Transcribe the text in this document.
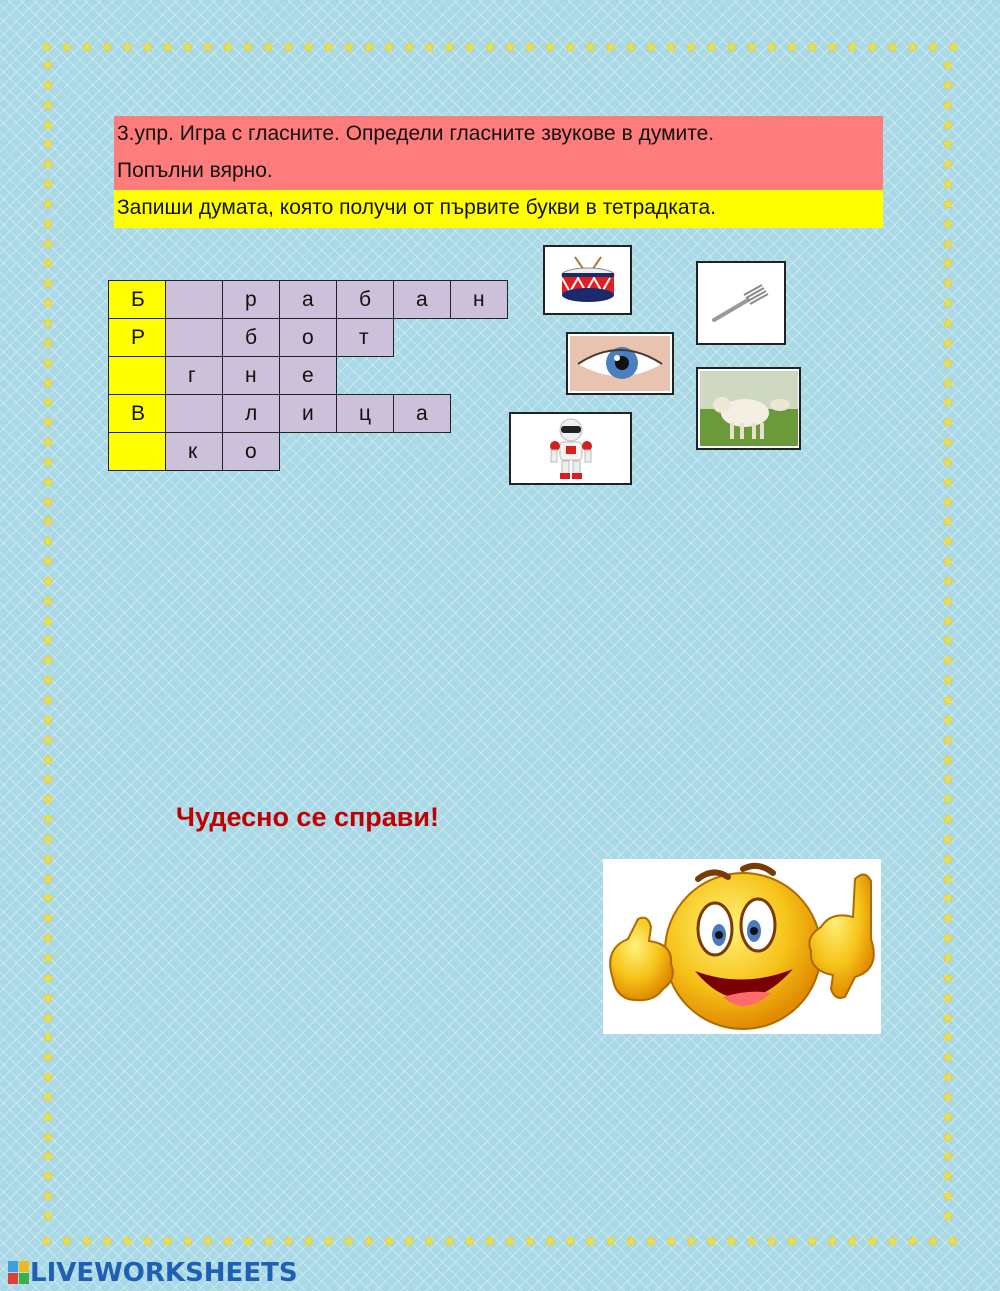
★ ★ ★ ★ ★ ★ ★ ★ ★ ★ ★ ★ ★ ★ ★ ★ ★ ★ ★ ★ ★ ★ ★ ★ ★ ★ ★ ★ ★ ★ ★ ★ ★ ★ ★ ★ ★ ★ ★ ★ ★ ★ ★ ★ ★ ★
★ ★ ★ ★ ★ ★ ★ ★ ★ ★ ★ ★ ★ ★ ★ ★ ★ ★ ★ ★ ★ ★ ★ ★ ★ ★ ★ ★ ★ ★ ★ ★ ★ ★ ★ ★ ★ ★ ★ ★ ★ ★ ★ ★ ★ ★
★
★
★
★
★
★
★
★
★
★
★
★
★
★
★
★
★
★
★
★
★
★
★
★
★
★
★
★
★
★
★
★
★
★
★
★
★
★
★
★
★
★
★
★
★
★
★
★
★
★
★
★
★
★
★
★
★
★
★
★
★
★
★
★
★
★
★
★
★
★
★
★
★
★
★
★
★
★
★
★
★
★
★
★
★
★
★
★
★
★
★
★
★
★
★
★
★
★
★
★
★
★
★
★
★
★
★
★
★
★
★
★
★
★
★
★
★
★
3.упр. Игра с гласните. Определи гласните звукове в думите.
Попълни вярно.
Запиши думата, която получи от първите букви в тетрадката.
Б		р	а	б	а	н
Р		б	о	т		
	г	н	е			
В		л	и	ц	а	
	к	о				
Чудесно се справи!
LIVEWORKSHEETS
